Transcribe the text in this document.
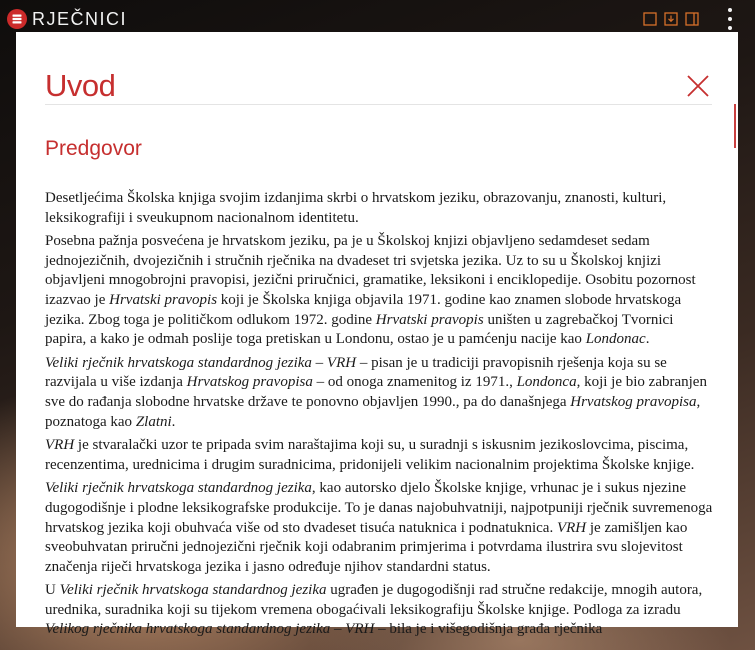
RJEČNICI
Uvod
Predgovor

Desetljećima Školska knjiga svojim izdanjima skrbi o hrvatskom jeziku, obrazovanju, znanosti, kulturi, leksikografiji i sveukupnom nacionalnom identitetu.

Posebna pažnja posvećena je hrvatskom jeziku, pa je u Školskoj knjizi objavljeno sedamdeset sedam jednojezičnih, dvojezičnih i stručnih rječnika na dvadeset tri svjetska jezika. Uz to su u Školskoj knjizi objavljeni mnogobrojni pravopisi, jezični priručnici, gramatike, leksikoni i enciklopedije. Osobitu pozornost izazvao je Hrvatski pravopis koji je Školska knjiga objavila 1971. godine kao znamen slobode hrvatskoga jezika. Zbog toga je političkom odlukom 1972. godine Hrvatski pravopis uništen u zagrebačkoj Tvornici papira, a kako je odmah poslije toga pretiskan u Londonu, ostao je u pamćenju nacije kao Londonac.

Veliki rječnik hrvatskoga standardnog jezika – VRH – pisan je u tradiciji pravopisnih rješenja koja su se razvijala u više izdanja Hrvatskog pravopisa – od onoga znamenitog iz 1971., Londonca, koji je bio zabranjen sve do rađanja slobodne hrvatske države te ponovno objavljen 1990., pa do današnjega Hrvatskog pravopisa, poznatoga kao Zlatni.

VRH je stvaralački uzor te pripada svim naraštajima koji su, u suradnji s iskusnim jezikoslovcima, piscima, recenzentima, urednicima i drugim suradnicima, pridonijeli velikim nacionalnim projektima Školske knjige.

Veliki rječnik hrvatskoga standardnog jezika, kao autorsko djelo Školske knjige, vrhunac je i sukus njezine dugogodišnje i plodne leksikografske produkcije. To je danas najobuhvatniji, najpotpuniji rječnik suvremenoga hrvatskog jezika koji obuhvaća više od sto dvadeset tisuća natuknica i podnatuknica. VRH je zamišljen kao sveobuhvatan priručni jednojezični rječnik koji odabranim primjerima i potvrdama ilustrira svu slojevitost značenja riječi hrvatskoga jezika i jasno određuje njihov standardni status.

U Veliki rječnik hrvatskoga standardnog jezika ugrađen je dugogodišnji rad stručne redakcije, mnogih autora, urednika, suradnika koji su tijekom vremena obogaćivali leksikografiju Školske knjige. Podloga za izradu Velikog rječnika hrvatskoga standardnog jezika – VRH – bila je i višegodišnja građa rječnika
